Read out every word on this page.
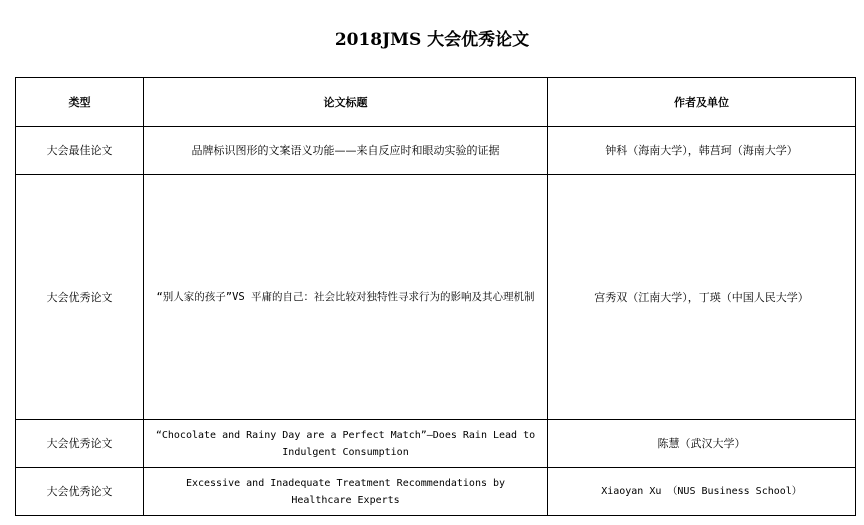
2018JMS 大会优秀论文
类型	论文标题	作者及单位
大会最佳论文	品牌标识图形的文案语义功能——来自反应时和眼动实验的证据	钟科（海南大学），韩莒珂（海南大学）
大会优秀论文	“别人家的孩子”VS 平庸的自己：社会比较对独特性寻求行为的影响及其心理机制	宫秀双（江南大学），丁瑛（中国人民大学）
大会优秀论文	“Chocolate and Rainy Day are a Perfect Match”—Does Rain Lead to Indulgent Consumption	陈慧（武汉大学）
大会优秀论文	Excessive and Inadequate Treatment Recommendations by Healthcare Experts	Xiaoyan Xu （NUS Business School）
